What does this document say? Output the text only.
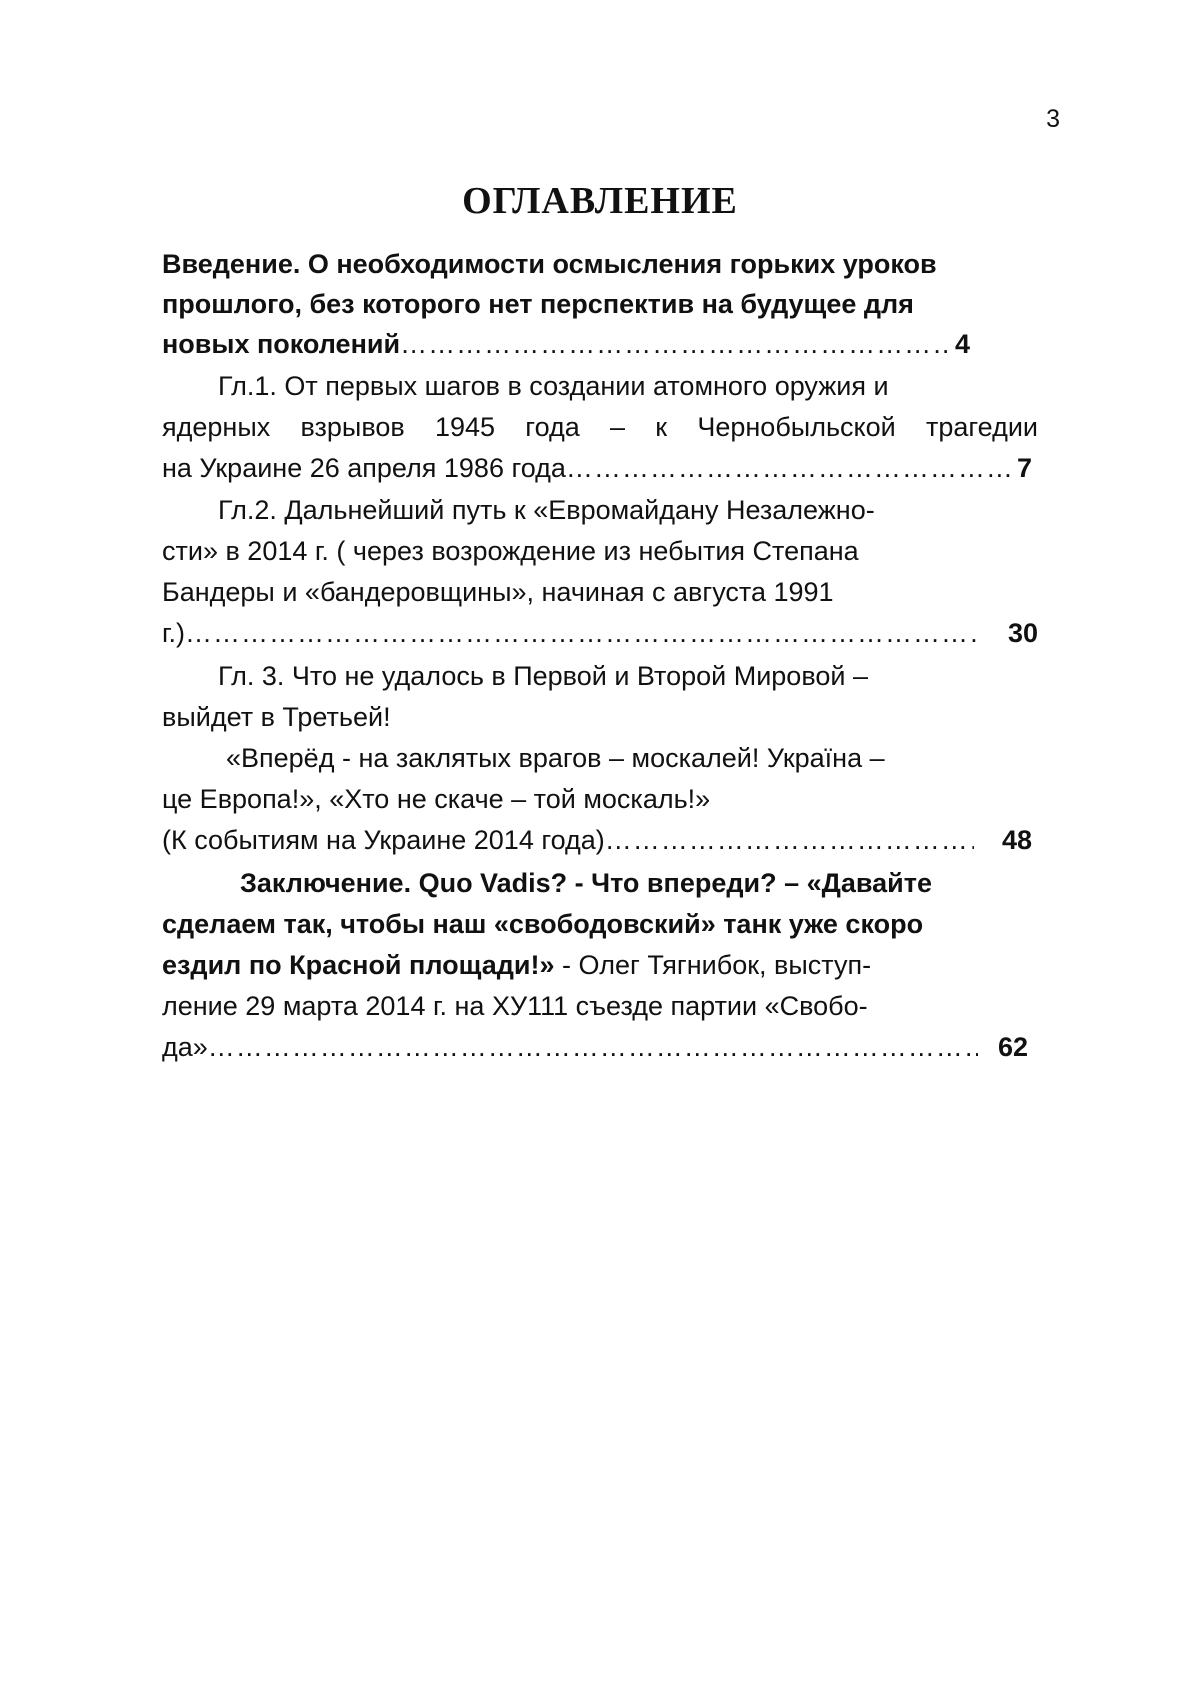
3
ОГЛАВЛЕНИЕ
Введение. О необходимости осмысления горьких уроков
прошлого, без которого нет перспектив на будущее для
новых поколений …………………………………………………………………………………………………………………………………………………………………………	4
Гл.1. От первых шагов в создании атомного оружия и
ядерных взрывов 1945 года – к Чернобыльской трагедии
на Украине 26 апреля 1986 года …………………………………………………………………………………………………………………………………………………………………………	7
Гл.2. Дальнейший путь к «Евромайдану Незалежно-
сти» в 2014 г. ( через возрождение из небытия Степана
Бандеры и «бандеровщины», начиная с августа 1991
г.) …………………………………………………………………………………………………………………………………………………………………………	30
Гл. 3. Что не удалось в Первой и Второй Мировой –
выйдет в Третьей!
«Вперёд - на заклятых врагов – москалей! Україна –
це Европа!», «Хто не скаче – той москаль!»
(К событиям на Украине 2014 года) …………………………………………………………………………………………………………………………………………………………………………	48
Заключение. Quo Vadis? - Что впереди? – «Давайте
сделаем так, чтобы наш «свободовский» танк уже скоро
ездил по Красной площади!» - Олег Тягнибок, выступ-
ление 29 марта 2014 г. на ХУ111 съезде партии «Свобо-
да» …………………………………………………………………………………………………………………………………………………………………………	62
